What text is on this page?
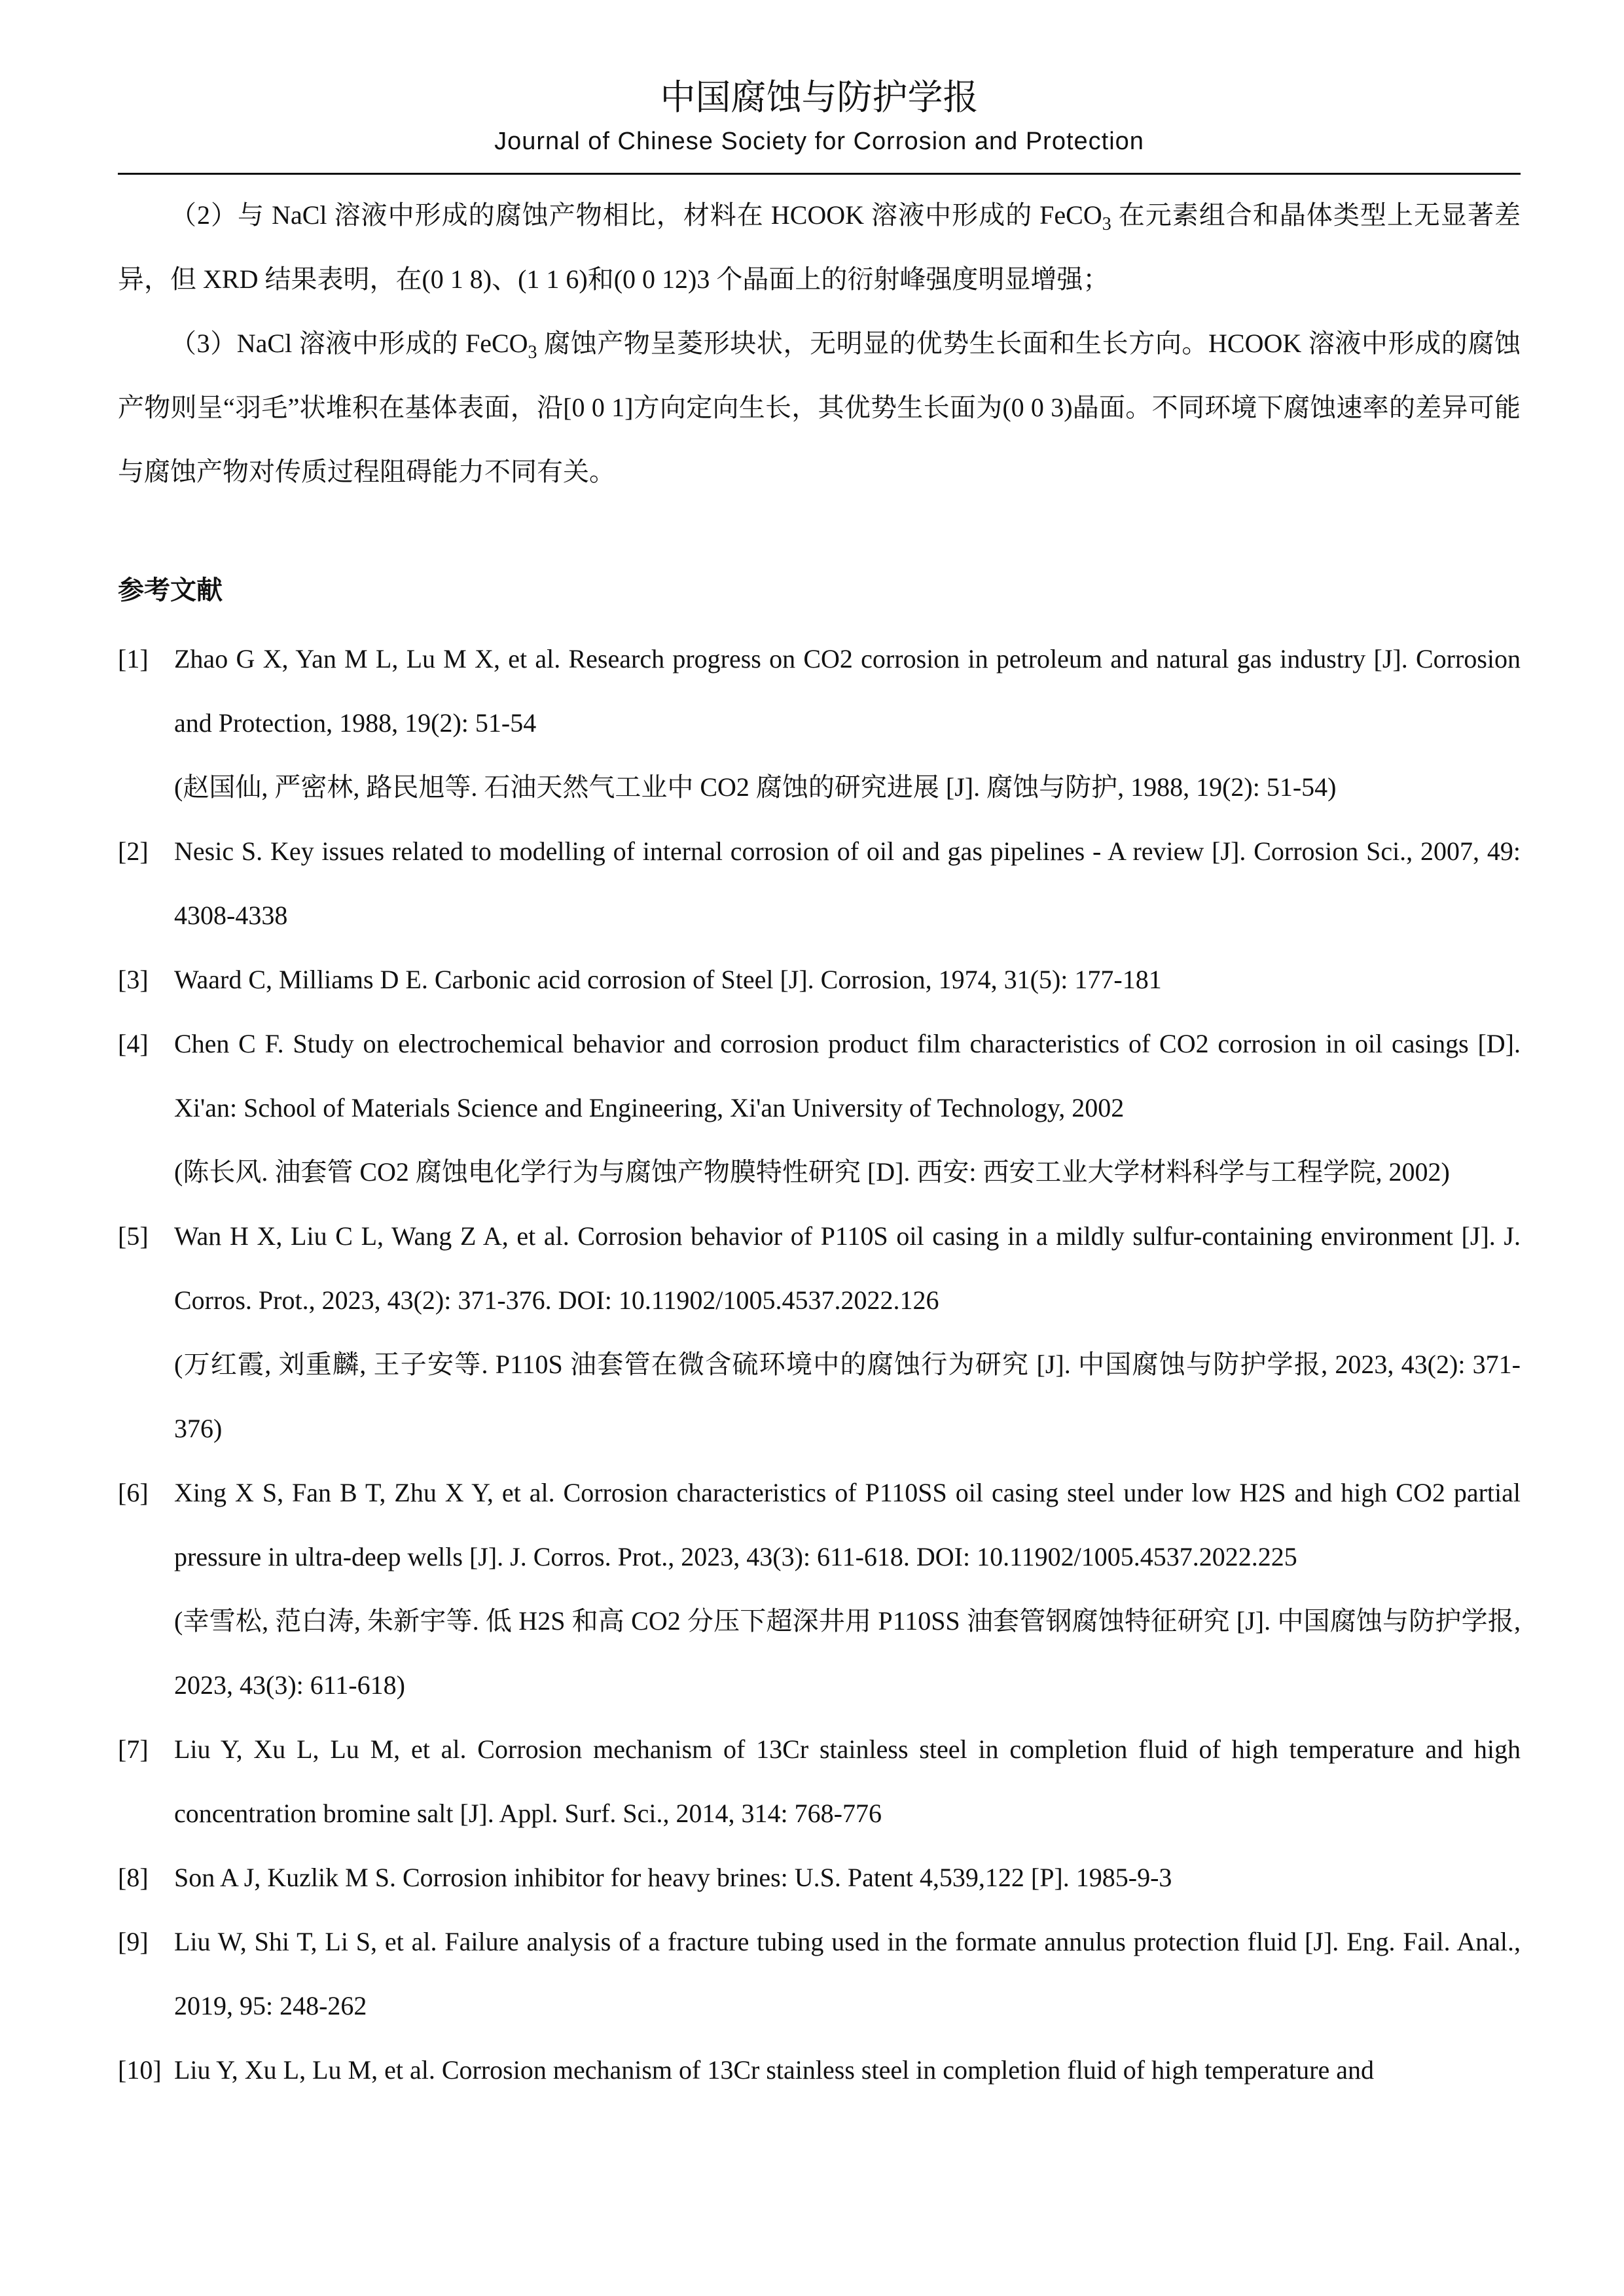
中国腐蚀与防护学报
Journal of Chinese Society for Corrosion and Protection

（2）与 NaCl 溶液中形成的腐蚀产物相比，材料在 HCOOK 溶液中形成的 FeCO$_3$ 在元素组合和晶体类型上无显著差异，但 XRD 结果表明，在(0 1 8)、(1 1 6)和(0 0 12)3 个晶面上的衍射峰强度明显增强；

（3）NaCl 溶液中形成的 FeCO$_3$ 腐蚀产物呈菱形块状，无明显的优势生长面和生长方向。HCOOK 溶液中形成的腐蚀产物则呈“羽毛”状堆积在基体表面，沿[0 0 1]方向定向生长，其优势生长面为(0 0 3)晶面。不同环境下腐蚀速率的差异可能与腐蚀产物对传质过程阻碍能力不同有关。

参考文献
[1] Zhao G X, Yan M L, Lu M X, et al. Research progress on CO2 corrosion in petroleum and natural gas industry [J]. Corrosion and Protection, 1988, 19(2): 51-54
(赵国仙, 严密林, 路民旭等. 石油天然气工业中 CO2 腐蚀的研究进展 [J]. 腐蚀与防护, 1988, 19(2): 51-54)
[2] Nesic S. Key issues related to modelling of internal corrosion of oil and gas pipelines - A review [J]. Corrosion Sci., 2007, 49: 4308-4338
[3] Waard C, Milliams D E. Carbonic acid corrosion of Steel [J]. Corrosion, 1974, 31(5): 177-181
[4] Chen C F. Study on electrochemical behavior and corrosion product film characteristics of CO2 corrosion in oil casings [D]. Xi'an: School of Materials Science and Engineering, Xi'an University of Technology, 2002
(陈长风. 油套管 CO2 腐蚀电化学行为与腐蚀产物膜特性研究 [D]. 西安: 西安工业大学材料科学与工程学院, 2002)
[5] Wan H X, Liu C L, Wang Z A, et al. Corrosion behavior of P110S oil casing in a mildly sulfur-containing environment [J]. J. Corros. Prot., 2023, 43(2): 371-376. DOI: 10.11902/1005.4537.2022.126
(万红霞, 刘重麟, 王子安等. P110S 油套管在微含硫环境中的腐蚀行为研究 [J]. 中国腐蚀与防护学报, 2023, 43(2): 371-376)
[6] Xing X S, Fan B T, Zhu X Y, et al. Corrosion characteristics of P110SS oil casing steel under low H2S and high CO2 partial pressure in ultra-deep wells [J]. J. Corros. Prot., 2023, 43(3): 611-618. DOI: 10.11902/1005.4537.2022.225
(幸雪松, 范白涛, 朱新宇等. 低 H2S 和高 CO2 分压下超深井用 P110SS 油套管钢腐蚀特征研究 [J]. 中国腐蚀与防护学报, 2023, 43(3): 611-618)
[7] Liu Y, Xu L, Lu M, et al. Corrosion mechanism of 13Cr stainless steel in completion fluid of high temperature and high concentration bromine salt [J]. Appl. Surf. Sci., 2014, 314: 768-776
[8] Son A J, Kuzlik M S. Corrosion inhibitor for heavy brines: U.S. Patent 4,539,122 [P]. 1985-9-3
[9] Liu W, Shi T, Li S, et al. Failure analysis of a fracture tubing used in the formate annulus protection fluid [J]. Eng. Fail. Anal., 2019, 95: 248-262
[10] Liu Y, Xu L, Lu M, et al. Corrosion mechanism of 13Cr stainless steel in completion fluid of high temperature and
